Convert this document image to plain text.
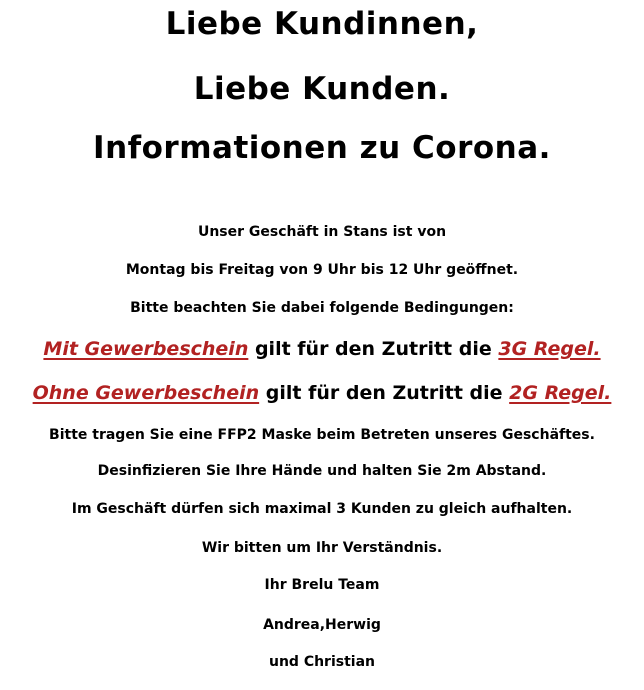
Liebe Kundinnen,
Liebe Kunden.
Informationen zu Corona.

Unser Geschäft in Stans ist von

Montag bis Freitag von 9 Uhr bis 12 Uhr geöffnet.

Bitte beachten Sie dabei folgende Bedingungen:

Mit Gewerbeschein gilt für den Zutritt die 3G Regel.

Ohne Gewerbeschein gilt für den Zutritt die 2G Regel.

Bitte tragen Sie eine FFP2 Maske beim Betreten unseres Geschäftes.

Desinfizieren Sie Ihre Hände und halten Sie 2m Abstand.

Im Geschäft dürfen sich maximal 3 Kunden zu gleich aufhalten.

Wir bitten um Ihr Verständnis.

Ihr Brelu Team

Andrea,Herwig

und Christian
